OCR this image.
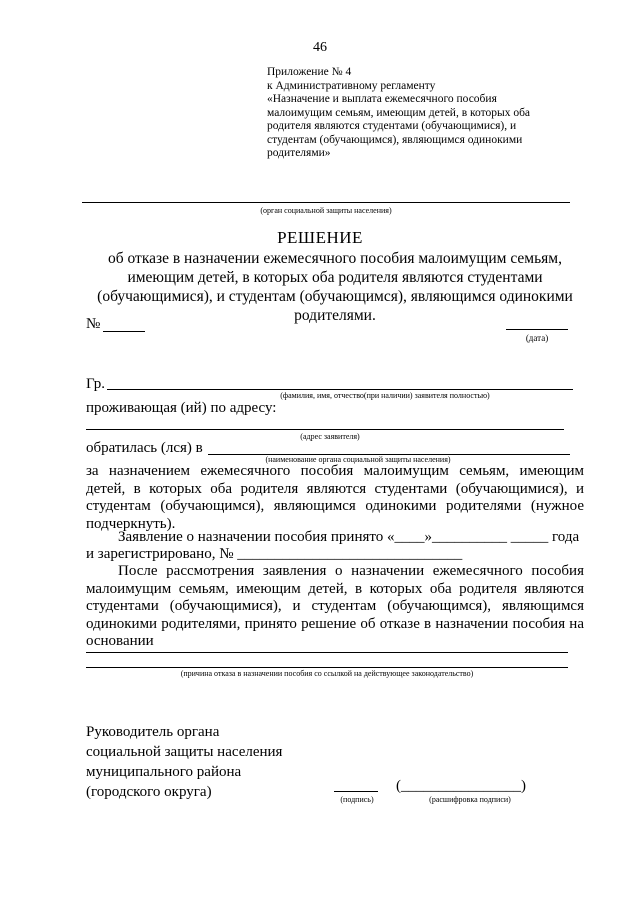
46
Приложение № 4
к Административному регламенту
«Назначение и выплата ежемесячного пособия
малоимущим семьям, имеющим детей, в которых оба
родителя являются студентами (обучающимися), и
студентам (обучающимся), являющимся одинокими
родителями»
(орган социальной защиты населения)
РЕШЕНИЕ
об отказе в назначении ежемесячного пособия малоимущим семьям, имеющим детей, в которых оба родителя являются студентами (обучающимися), и студентам (обучающимся), являющимся одинокими родителями.
№
(дата)
Гр.
(фамилия, имя, отчество(при наличии) заявителя полностью)
проживающая (ий) по адресу:
(адрес заявителя)
обратилась (лся) в
(наименование органа социальной защиты населения)
за назначением ежемесячного пособия малоимущим семьям, имеющим детей, в которых оба родителя являются студентами (обучающимися), и студентам (обучающимся), являющимся одинокими родителями (нужное подчеркнуть).
Заявление о назначении пособия принято «____»__________ _____ года
и зарегистрировано, № ______________________________
После рассмотрения заявления о назначении ежемесячного пособия малоимущим семьям, имеющим детей, в которых оба родителя являются студентами (обучающимися), и студентам (обучающимся), являющимся одинокими родителями, принято решение об отказе в назначении пособия на основании
(причина отказа в назначении пособия со ссылкой на действующее законодательство)
Руководитель органа
социальной защиты населения
муниципального района
(городского округа)	(подпись)
(________________)
(расшифровка подписи)
